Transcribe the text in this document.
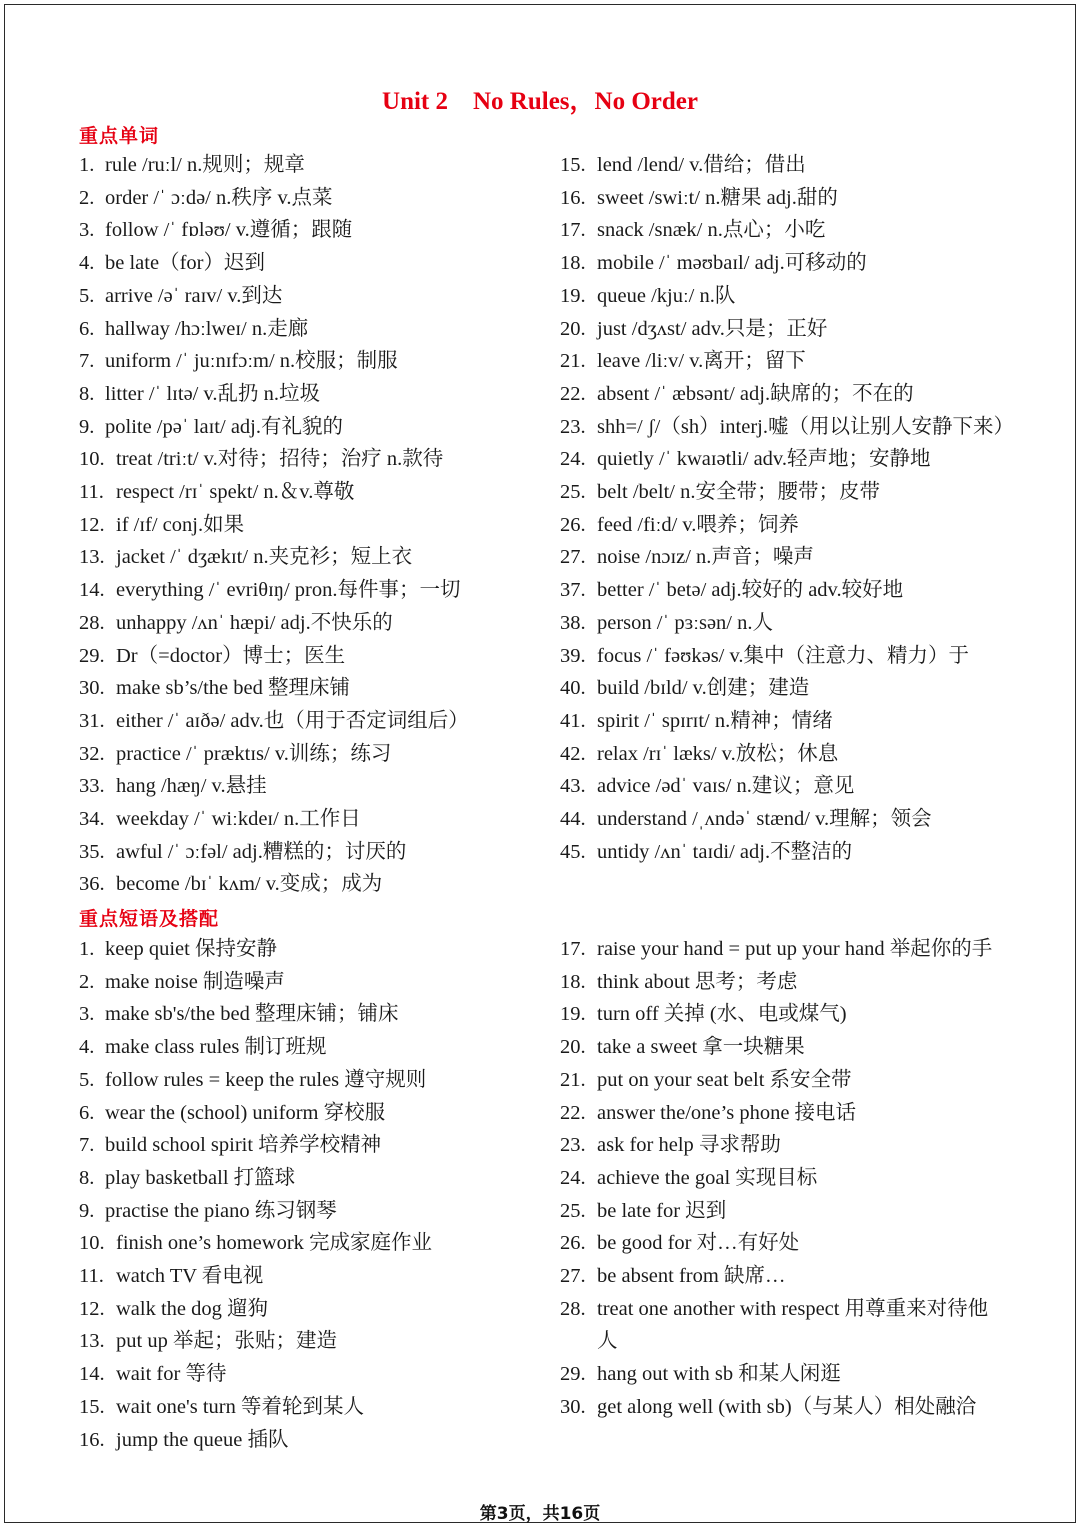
Unit 2    No Rules，No Order
重点单词
1. rule /ruːl/ n.规则；规章
2. order /ˈ ɔːdə/ n.秩序 v.点菜
3. follow /ˈ fɒləʊ/ v.遵循；跟随
4. be late（for）迟到
5. arrive /əˈ raɪv/ v.到达
6. hallway /hɔːlweɪ/ n.走廊
7. uniform /ˈ juːnɪfɔːm/ n.校服；制服
8. litter /ˈ lɪtə/ v.乱扔 n.垃圾
9. polite /pəˈ laɪt/ adj.有礼貌的
10. treat /triːt/ v.对待；招待；治疗 n.款待
11. respect /rɪˈ spekt/ n.＆v.尊敬
12. if /ɪf/ conj.如果
13. jacket /ˈ dʒækɪt/ n.夹克衫；短上衣
14. everything /ˈ evriθɪŋ/ pron.每件事；一切
28. unhappy /ʌnˈ hæpi/ adj.不快乐的
29. Dr（=doctor）博士；医生
30. make sb’s/the bed 整理床铺
31. either /ˈ aɪðə/ adv.也（用于否定词组后）
32. practice /ˈ præktɪs/ v.训练；练习
33. hang /hæŋ/ v.悬挂
34. weekday /ˈ wiːkdeɪ/ n.工作日
35. awful /ˈ ɔːfəl/ adj.糟糕的；讨厌的
36. become /bɪˈ kʌm/ v.变成；成为
15. lend /lend/ v.借给；借出
16. sweet /swiːt/ n.糖果 adj.甜的
17. snack /snæk/ n.点心；小吃
18. mobile /ˈ məʊbaɪl/ adj.可移动的
19. queue /kjuː/ n.队
20. just /dʒʌst/ adv.只是；正好
21. leave /liːv/ v.离开；留下
22. absent /ˈ æbsənt/ adj.缺席的；不在的
23. shh=/ ʃ/（sh）interj.嘘（用以让别人安静下来）
24. quietly /ˈ kwaɪətli/ adv.轻声地；安静地
25. belt /belt/ n.安全带；腰带；皮带
26. feed /fiːd/ v.喂养；饲养
27. noise /nɔɪz/ n.声音；噪声
37. better /ˈ betə/ adj.较好的 adv.较好地
38. person /ˈ pɜːsən/ n.人
39. focus /ˈ fəʊkəs/ v.集中（注意力、精力）于
40. build /bɪld/ v.创建；建造
41. spirit /ˈ spɪrɪt/ n.精神；情绪
42. relax /rɪˈ læks/ v.放松；休息
43. advice /ədˈ vaɪs/ n.建议；意见
44. understand /ˌʌndəˈ stænd/ v.理解；领会
45. untidy /ʌnˈ taɪdi/ adj.不整洁的
重点短语及搭配
1. keep quiet 保持安静
2. make noise 制造噪声
3. make sb's/the bed 整理床铺；铺床
4. make class rules 制订班规
5. follow rules = keep the rules 遵守规则
6. wear the (school) uniform 穿校服
7. build school spirit 培养学校精神
8. play basketball 打篮球
9. practise the piano 练习钢琴
10. finish one’s homework 完成家庭作业
11. watch TV 看电视
12. walk the dog 遛狗
13. put up 举起；张贴；建造
14. wait for 等待
15. wait one's turn 等着轮到某人
16. jump the queue 插队
17. raise your hand = put up your hand 举起你的手
18. think about 思考；考虑
19. turn off 关掉 (水、电或煤气)
20. take a sweet 拿一块糖果
21. put on your seat belt 系安全带
22. answer the/one’s phone 接电话
23. ask for help 寻求帮助
24. achieve the goal 实现目标
25. be late for 迟到
26. be good for 对…有好处
27. be absent from 缺席…
28. treat one another with respect 用尊重来对待他人
29. hang out with sb 和某人闲逛
30. get along well (with sb)（与某人）相处融洽
第3页，共16页
